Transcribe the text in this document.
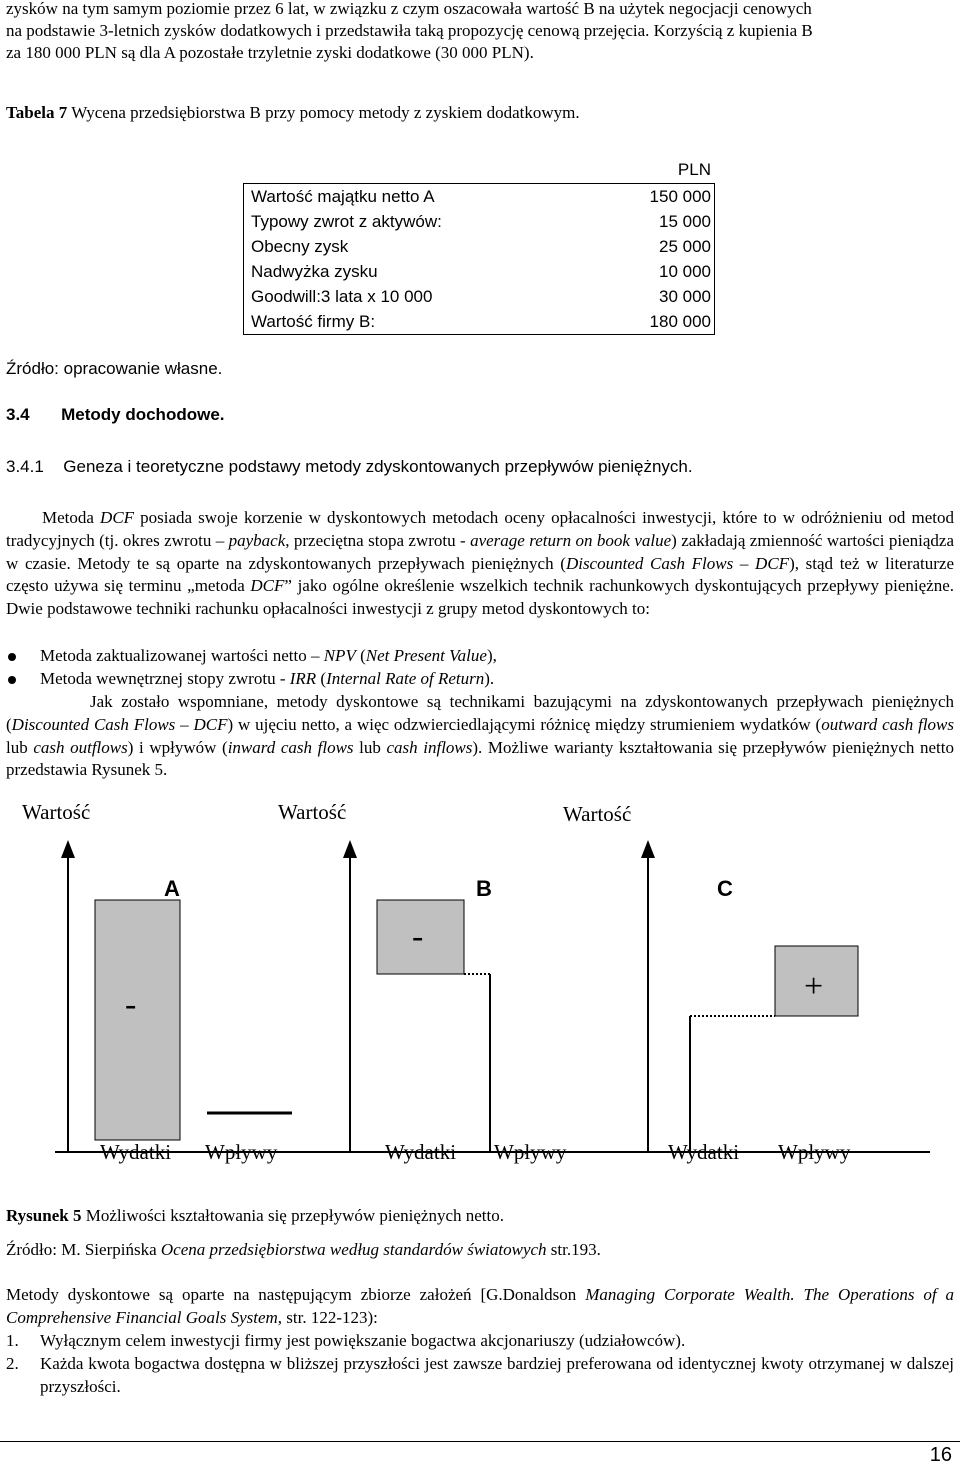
zysków na tym samym poziomie przez 6 lat, w związku z czym oszacowała wartość B na użytek negocjacji cenowych
na podstawie 3-letnich zysków dodatkowych i przedstawiła taką propozycję cenową przejęcia. Korzyścią z kupienia B
za 180 000 PLN są dla A pozostałe trzyletnie zyski dodatkowe (30 000 PLN).
Tabela 7 Wycena przedsiębiorstwa B przy pomocy metody z zyskiem dodatkowym.
PLN
Wartość majątku netto A	150 000
Typowy zwrot z aktywów:	15 000
Obecny zysk	25 000
Nadwyżka zysku	10 000
Goodwill:3 lata x 10 000	30 000
Wartość firmy B:	180 000
Źródło: opracowanie własne.
3.4 Metody dochodowe.
3.4.1 Geneza i teoretyczne podstawy metody zdyskontowanych przepływów pieniężnych.
Metoda DCF posiada swoje korzenie w dyskontowych metodach oceny opłacalności inwestycji, które to w odróżnieniu od metod tradycyjnych (tj. okres zwrotu – payback, przeciętna stopa zwrotu - average return on book value) zakładają zmienność wartości pieniądza w czasie. Metody te są oparte na zdyskontowanych przepływach pieniężnych (Discounted Cash Flows – DCF), stąd też w literaturze często używa się terminu „metoda DCF” jako ogólne określenie wszelkich technik rachunkowych dyskontujących przepływy pieniężne. Dwie podstawowe techniki rachunku opłacalności inwestycji z grupy metod dyskontowych to:
Metoda zaktualizowanej wartości netto – NPV (Net Present Value),
Metoda wewnętrznej stopy zwrotu - IRR (Internal Rate of Return).
Jak zostało wspomniane, metody dyskontowe są technikami bazującymi na zdyskontowanych przepływach pieniężnych (Discounted Cash Flows – DCF) w ujęciu netto, a więc odzwierciedlającymi różnicę między strumieniem wydatków (outward cash flows lub cash outflows) i wpływów (inward cash flows lub cash inflows). Możliwe warianty kształtowania się przepływów pieniężnych netto przedstawia Rysunek 5.
Wartość	Wartość	Wartość
A	B	C
-
-
+
Wydatki Wpływy	Wydatki Wpływy	Wydatki Wpływy
Rysunek 5 Możliwości kształtowania się przepływów pieniężnych netto.
Źródło: M. Sierpińska Ocena przedsiębiorstwa według standardów światowych str.193.
Metody dyskontowe są oparte na następującym zbiorze założeń [G.Donaldson Managing Corporate Wealth. The Operations of a Comprehensive Financial Goals System, str. 122-123):
1. Wyłącznym celem inwestycji firmy jest powiększanie bogactwa akcjonariuszy (udziałowców).
2. Każda kwota bogactwa dostępna w bliższej przyszłości jest zawsze bardziej preferowana od identycznej kwoty otrzymanej w dalszej przyszłości.
16
